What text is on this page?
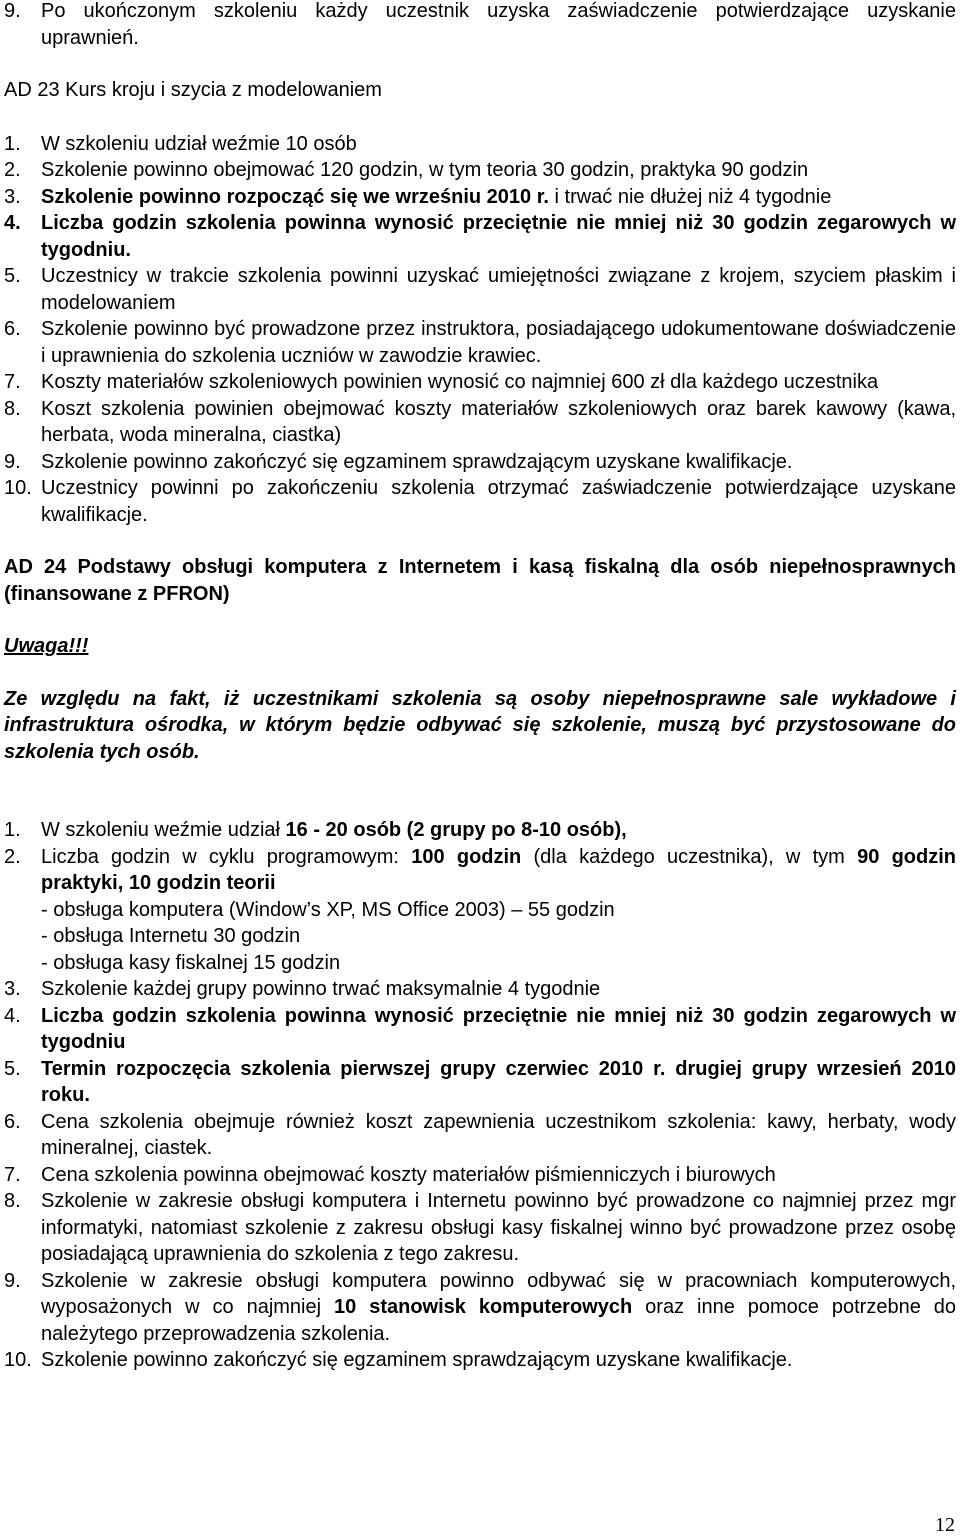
9. Po ukończonym szkoleniu każdy uczestnik uzyska zaświadczenie potwierdzające uzyskanie uprawnień.
AD 23 Kurs kroju i szycia z modelowaniem
1. W szkoleniu udział weźmie 10 osób
2. Szkolenie powinno obejmować 120 godzin, w tym teoria 30 godzin, praktyka 90 godzin
3. Szkolenie powinno rozpocząć się we wrześniu 2010 r. i trwać nie dłużej niż 4 tygodnie
4. Liczba godzin szkolenia powinna wynosić przeciętnie nie mniej niż 30 godzin zegarowych w tygodniu.
5. Uczestnicy w trakcie szkolenia powinni uzyskać umiejętności związane z krojem, szyciem płaskim i modelowaniem
6. Szkolenie powinno być prowadzone przez instruktora, posiadającego udokumentowane doświadczenie i uprawnienia do szkolenia uczniów w zawodzie krawiec.
7. Koszty materiałów szkoleniowych powinien wynosić co najmniej 600 zł dla każdego uczestnika
8. Koszt szkolenia powinien obejmować koszty materiałów szkoleniowych oraz barek kawowy (kawa, herbata, woda mineralna, ciastka)
9. Szkolenie powinno zakończyć się egzaminem sprawdzającym uzyskane kwalifikacje.
10. Uczestnicy powinni po zakończeniu szkolenia otrzymać zaświadczenie potwierdzające uzyskane kwalifikacje.
AD 24 Podstawy obsługi komputera z Internetem i kasą fiskalną dla osób niepełnosprawnych (finansowane z PFRON)
Uwaga!!!
Ze względu na fakt, iż uczestnikami szkolenia są osoby niepełnosprawne sale wykładowe i infrastruktura ośrodka, w którym będzie odbywać się szkolenie, muszą być przystosowane do szkolenia tych osób.
1. W szkoleniu weźmie udział 16 - 20 osób (2 grupy po 8-10 osób),
2. Liczba godzin w cyklu programowym: 100 godzin (dla każdego uczestnika), w tym 90 godzin praktyki, 10 godzin teorii
- obsługa komputera (Window’s XP, MS Office 2003) – 55 godzin
- obsługa Internetu 30 godzin
- obsługa kasy fiskalnej 15 godzin
3. Szkolenie każdej grupy powinno trwać maksymalnie 4 tygodnie
4. Liczba godzin szkolenia powinna wynosić przeciętnie nie mniej niż 30 godzin zegarowych w tygodniu
5. Termin rozpoczęcia szkolenia pierwszej grupy czerwiec 2010 r. drugiej grupy wrzesień 2010 roku.
6. Cena szkolenia obejmuje również koszt zapewnienia uczestnikom szkolenia: kawy, herbaty, wody mineralnej, ciastek.
7. Cena szkolenia powinna obejmować koszty materiałów piśmienniczych i biurowych
8. Szkolenie w zakresie obsługi komputera i Internetu powinno być prowadzone co najmniej przez mgr informatyki, natomiast szkolenie z zakresu obsługi kasy fiskalnej winno być prowadzone przez osobę posiadającą uprawnienia do szkolenia z tego zakresu.
9. Szkolenie w zakresie obsługi komputera powinno odbywać się w pracowniach komputerowych, wyposażonych w co najmniej 10 stanowisk komputerowych oraz inne pomoce potrzebne do należytego przeprowadzenia szkolenia.
10. Szkolenie powinno zakończyć się egzaminem sprawdzającym uzyskane kwalifikacje.
12
